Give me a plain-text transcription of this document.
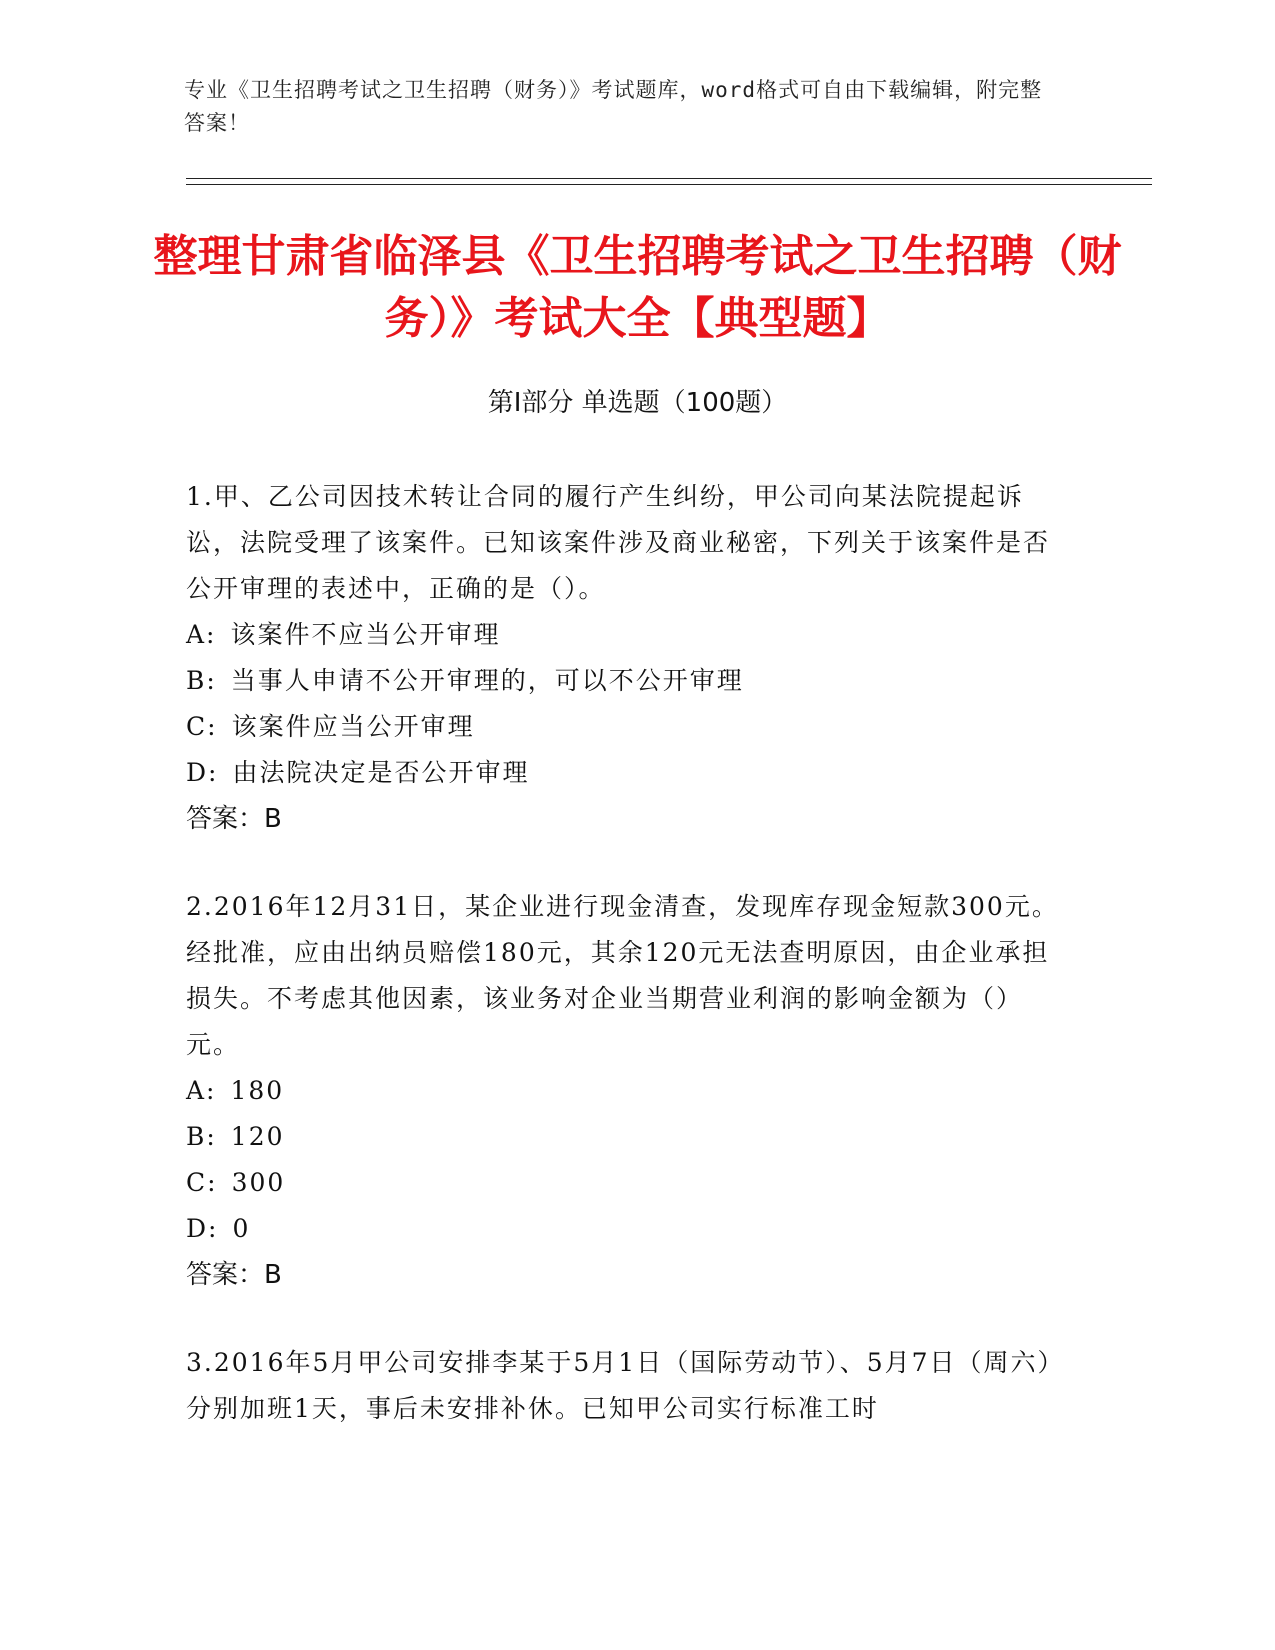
专业《卫生招聘考试之卫生招聘（财务）》考试题库，word格式可自由下载编辑，附完整答案！
整理甘肃省临泽县《卫生招聘考试之卫生招聘（财务）》考试大全【典型题】
第Ⅰ部分 单选题（100题）
1.甲、乙公司因技术转让合同的履行产生纠纷，甲公司向某法院提起诉讼，法院受理了该案件。已知该案件涉及商业秘密，下列关于该案件是否公开审理的表述中，正确的是（）。
A: 该案件不应当公开审理
B: 当事人申请不公开审理的，可以不公开审理
C: 该案件应当公开审理
D: 由法院决定是否公开审理
答案：B
2.2016年12月31日，某企业进行现金清查，发现库存现金短款300元。经批准，应由出纳员赔偿180元，其余120元无法查明原因，由企业承担损失。不考虑其他因素，该业务对企业当期营业利润的影响金额为（）元。
A: 180
B: 120
C: 300
D: 0
答案：B
3.2016年5月甲公司安排李某于5月1日（国际劳动节）、5月7日（周六）分别加班1天，事后未安排补休。已知甲公司实行标准工时
